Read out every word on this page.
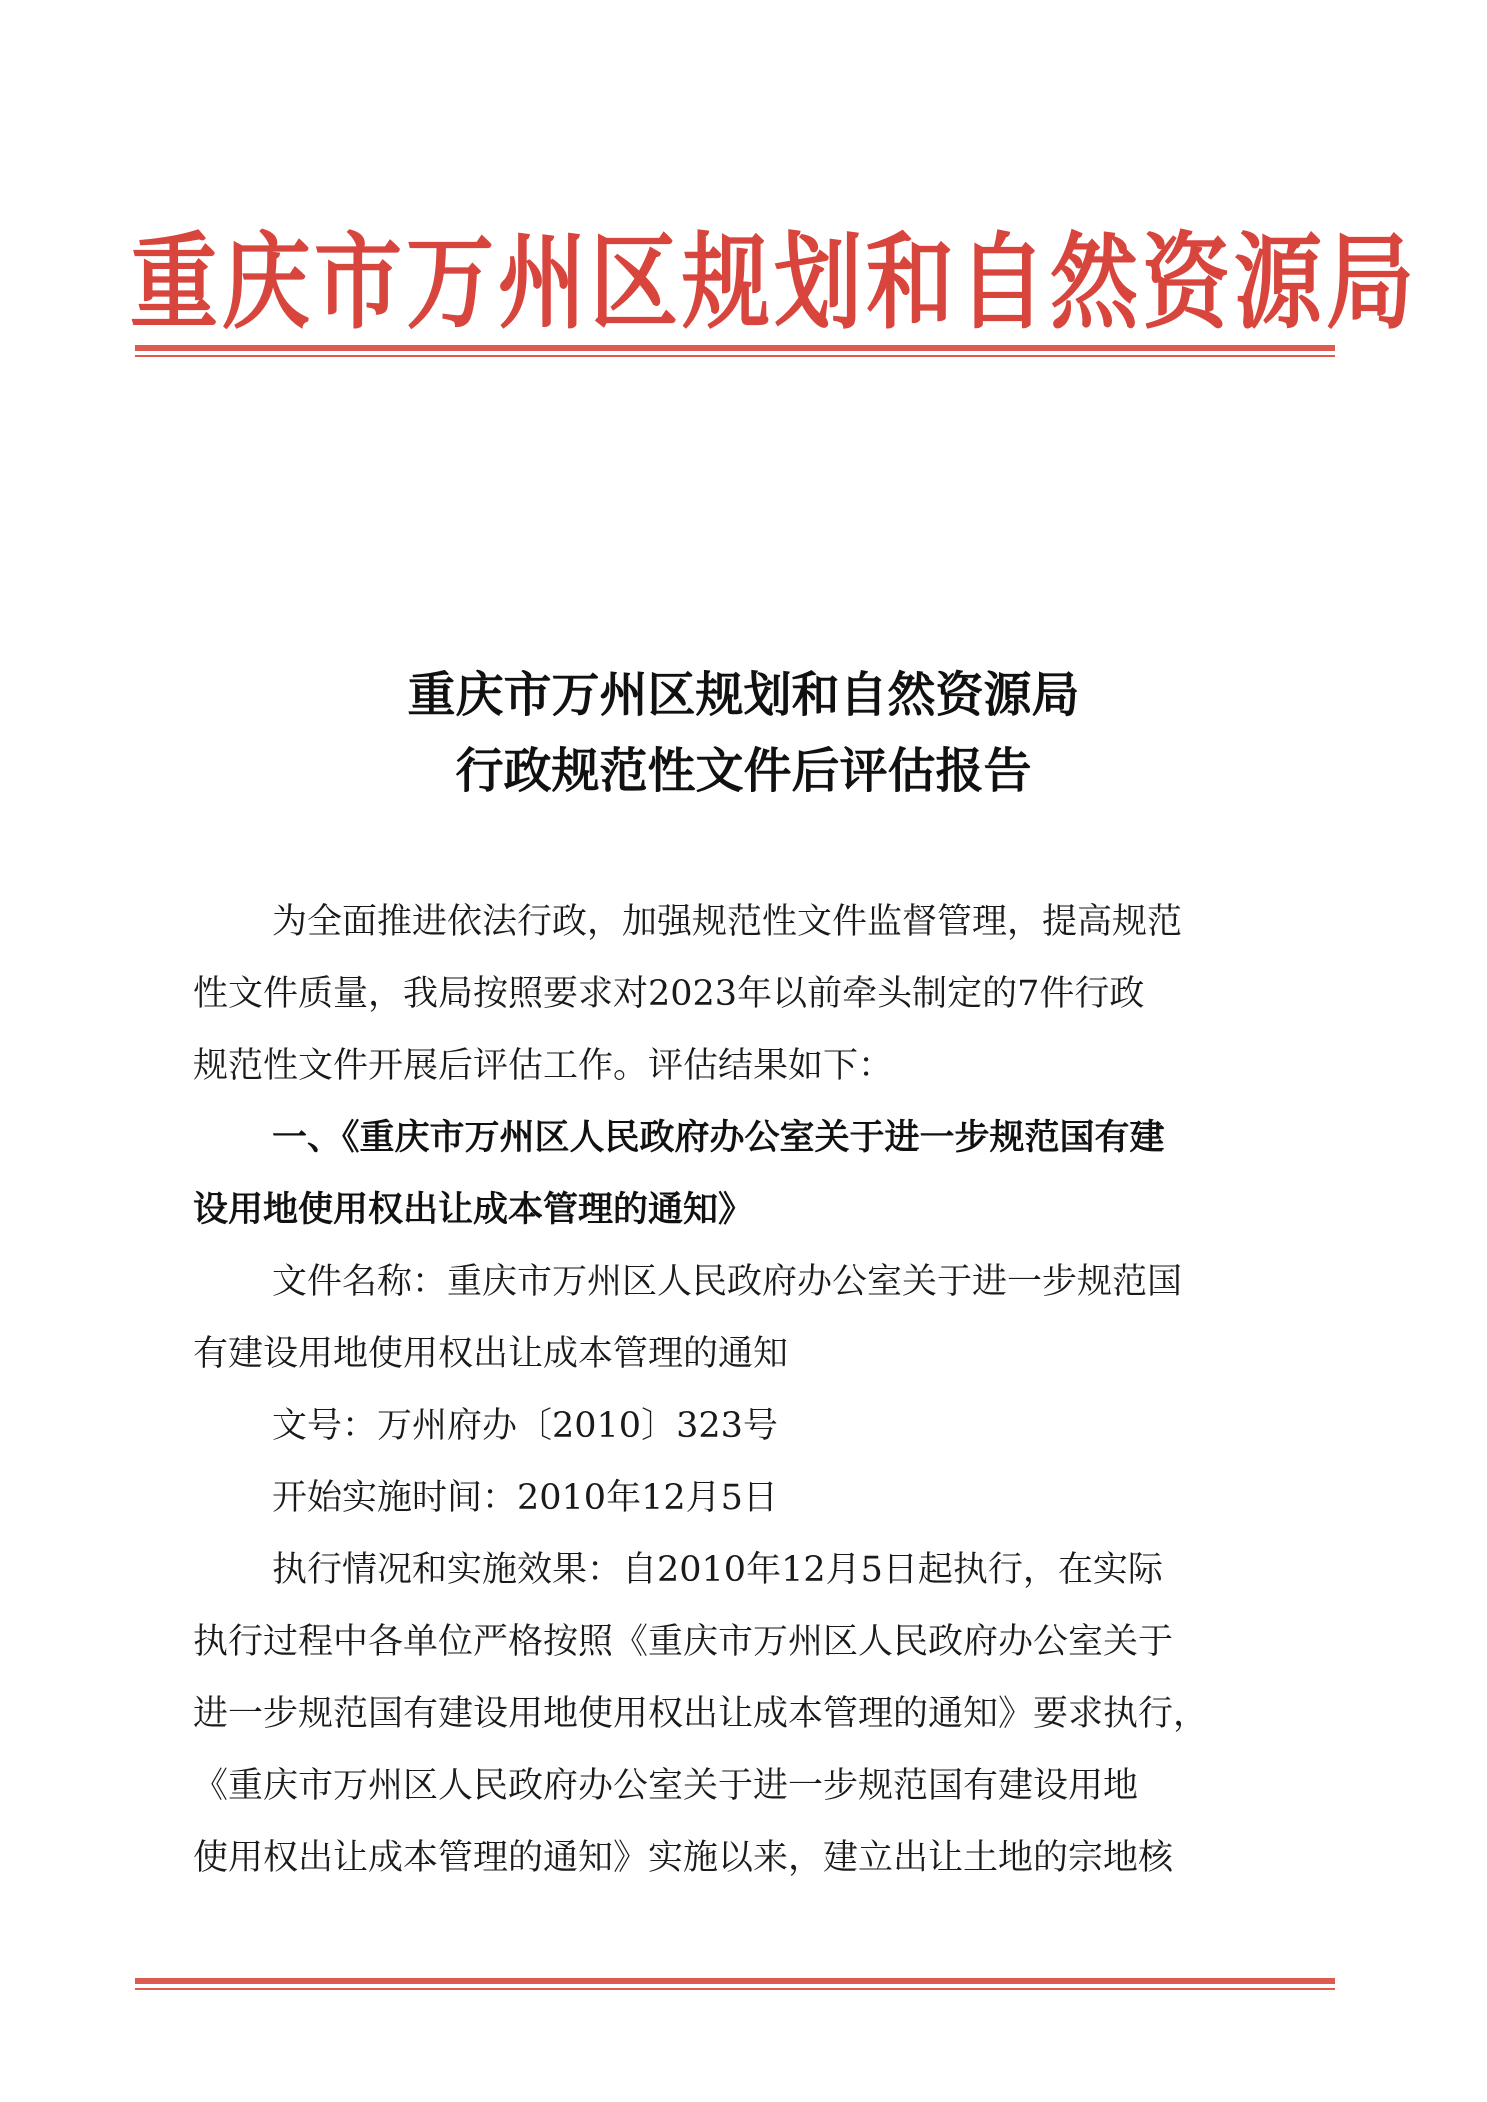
重庆市万州区规划和自然资源局
重庆市万州区规划和自然资源局
行政规范性文件后评估报告
为全面推进依法行政，加强规范性文件监督管理，提高规范
性文件质量，我局按照要求对2023年以前牵头制定的7件行政
规范性文件开展后评估工作。评估结果如下：
一、《重庆市万州区人民政府办公室关于进一步规范国有建
设用地使用权出让成本管理的通知》
文件名称：重庆市万州区人民政府办公室关于进一步规范国
有建设用地使用权出让成本管理的通知
文号：万州府办〔2010〕323号
开始实施时间：2010年12月5日
执行情况和实施效果：自2010年12月5日起执行，在实际
执行过程中各单位严格按照《重庆市万州区人民政府办公室关于
进一步规范国有建设用地使用权出让成本管理的通知》要求执行，
《重庆市万州区人民政府办公室关于进一步规范国有建设用地
使用权出让成本管理的通知》实施以来，建立出让土地的宗地核
